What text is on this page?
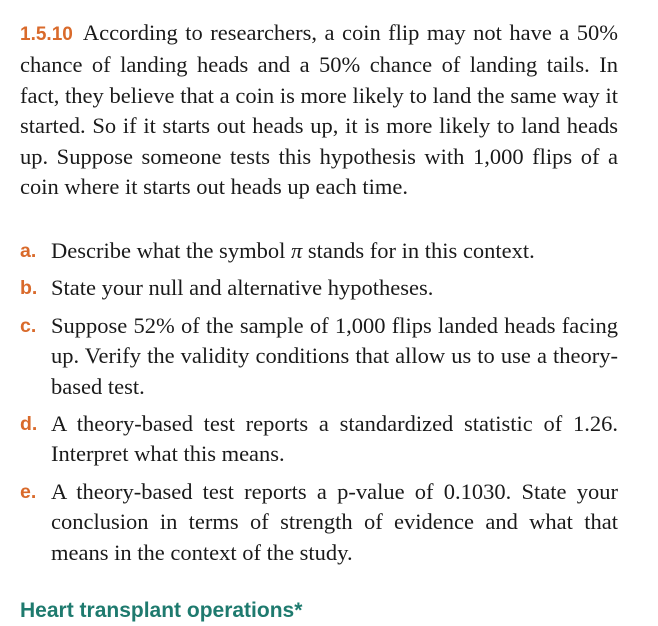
1.5.10 According to researchers, a coin flip may not have a 50% chance of landing heads and a 50% chance of landing tails. In fact, they believe that a coin is more likely to land the same way it started. So if it starts out heads up, it is more likely to land heads up. Suppose someone tests this hypothesis with 1,000 flips of a coin where it starts out heads up each time.

a. Describe what the symbol π stands for in this context.
b. State your null and alternative hypotheses.
c. Suppose 52% of the sample of 1,000 flips landed heads facing up. Verify the validity conditions that allow us to use a theory-based test.
d. A theory-based test reports a standardized statistic of 1.26. Interpret what this means.
e. A theory-based test reports a p-value of 0.1030. State your conclusion in terms of strength of evidence and what that means in the context of the study.
Heart transplant operations*
